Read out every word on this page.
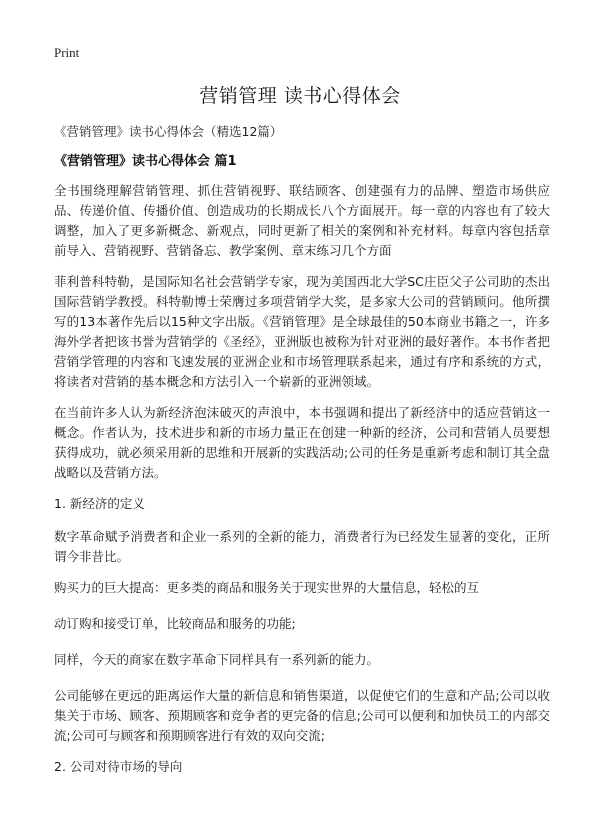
Print
营销管理 读书心得体会
《营销管理》读书心得体会（精选12篇）
《营销管理》读书心得体会 篇1

全书围绕理解营销管理、抓住营销视野、联结顾客、创建强有力的品牌、塑造市场供应品、传递价值、传播价值、创造成功的长期成长八个方面展开。每一章的内容也有了较大调整，加入了更多新概念、新观点，同时更新了相关的案例和补充材料。每章内容包括章前导入、营销视野、营销备忘、教学案例、章末练习几个方面

菲利普科特勒，是国际知名社会营销学专家，现为美国西北大学SC庄臣父子公司助的杰出国际营销学教授。科特勒博士荣膺过多项营销学大奖，是多家大公司的营销顾问。他所撰写的13本著作先后以15种文字出版。《营销管理》是全球最佳的50本商业书籍之一，许多海外学者把该书誉为营销学的《圣经》，亚洲版也被称为针对亚洲的最好著作。本书作者把营销学管理的内容和飞速发展的亚洲企业和市场管理联系起来，通过有序和系统的方式，将读者对营销的基本概念和方法引入一个崭新的亚洲领域。

在当前许多人认为新经济泡沫破灭的声浪中，本书强调和提出了新经济中的适应营销这一概念。作者认为，技术进步和新的市场力量正在创建一种新的经济，公司和营销人员要想获得成功，就必须采用新的思维和开展新的实践活动;公司的任务是重新考虑和制订其全盘战略以及营销方法。

1. 新经济的定义

数字革命赋予消费者和企业一系列的全新的能力，消费者行为已经发生显著的变化，正所谓今非昔比。

购买力的巨大提高：更多类的商品和服务关于现实世界的大量信息，轻松的互

动订购和接受订单，比较商品和服务的功能;

同样，今天的商家在数字革命下同样具有一系列新的能力。

公司能够在更远的距离运作大量的新信息和销售渠道，以促使它们的生意和产品;公司以收集关于市场、顾客、预期顾客和竞争者的更完备的信息;公司可以便利和加快员工的内部交流;公司可与顾客和预期顾客进行有效的双向交流;

2. 公司对待市场的导向
